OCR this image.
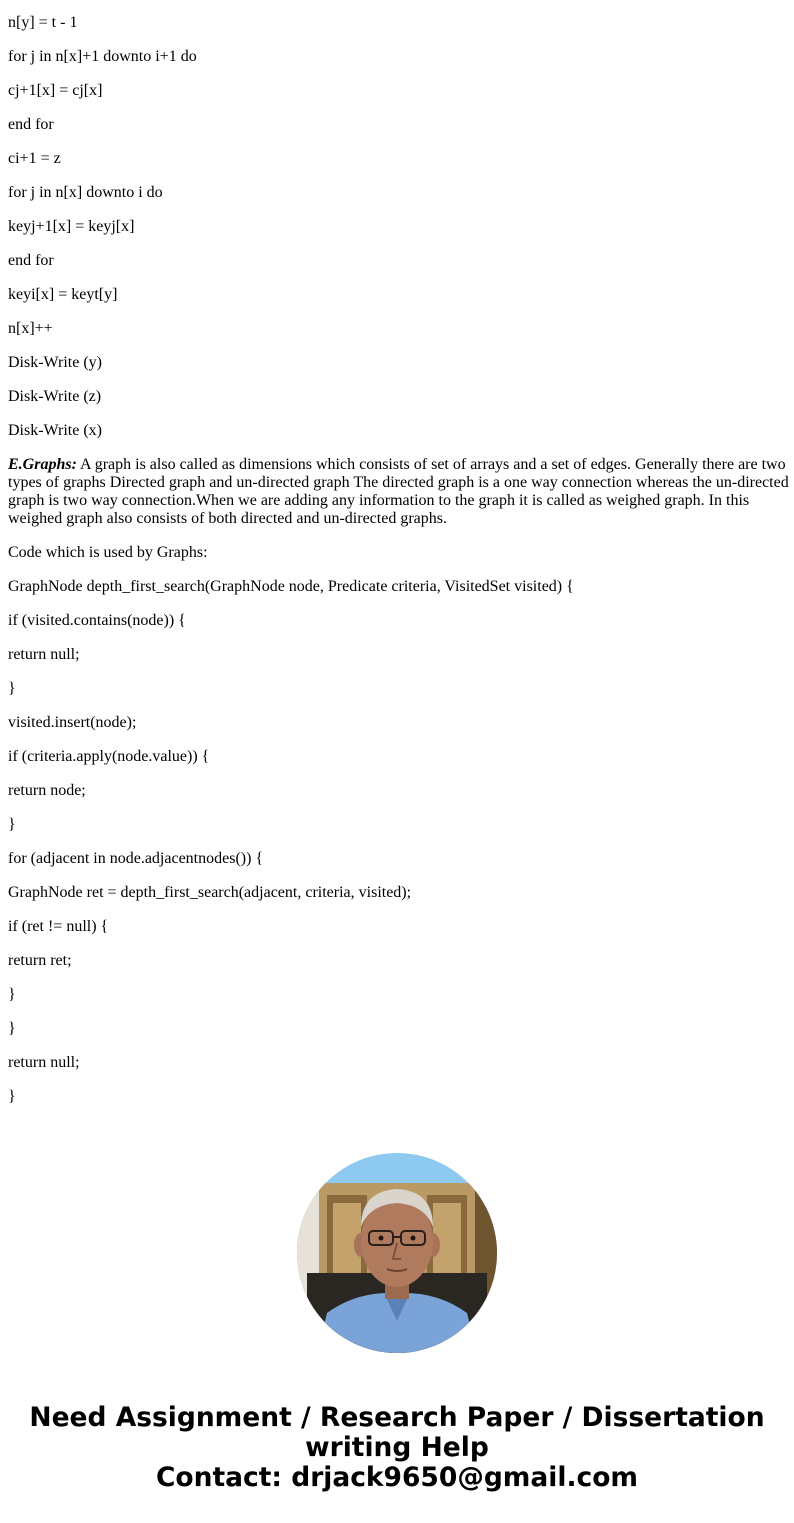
n[y] = t - 1

for j in n[x]+1 downto i+1 do

cj+1[x] = cj[x]

end for

ci+1 = z

for j in n[x] downto i do

keyj+1[x] = keyj[x]

end for

keyi[x] = keyt[y]

n[x]++

Disk-Write (y)

Disk-Write (z)

Disk-Write (x)

E.Graphs: A graph is also called as dimensions which consists of set of arrays and a set of edges. Generally there are two types of graphs Directed graph and un-directed graph The directed graph is a one way connection whereas the un-directed graph is two way connection.When we are adding any information to the graph it is called as weighed graph. In this weighed graph also consists of both directed and un-directed graphs.

Code which is used by Graphs:

GraphNode depth_first_search(GraphNode node, Predicate criteria, VisitedSet visited) {

if (visited.contains(node)) {

return null;

}

visited.insert(node);

if (criteria.apply(node.value)) {

return node;

}

for (adjacent in node.adjacentnodes()) {

GraphNode ret = depth_first_search(adjacent, criteria, visited);

if (ret != null) {

return ret;

}

}

return null;

}

Need Assignment / Research Paper / Dissertation
writing Help
Contact: drjack9650@gmail.com
